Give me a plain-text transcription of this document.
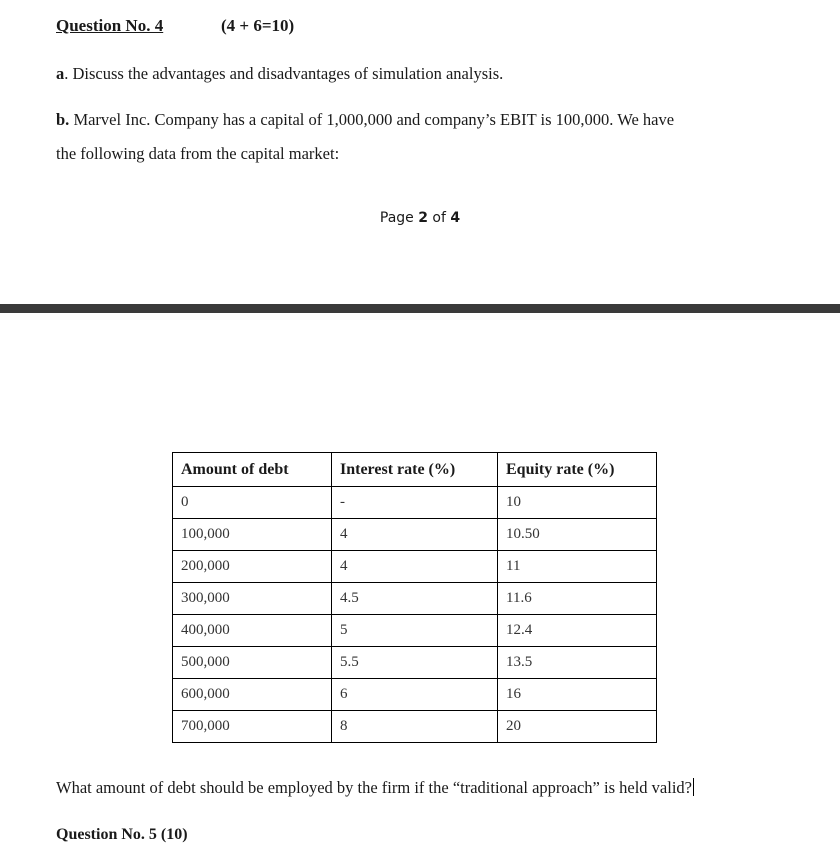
Question No. 4	(4 + 6=10)
a. Discuss the advantages and disadvantages of simulation analysis.
b. Marvel Inc. Company has a capital of 1,000,000 and company’s EBIT is 100,000. We have
the following data from the capital market:
Page 2 of 4
Amount of debt	Interest rate (%)	Equity rate (%)
0	-	10
100,000	4	10.50
200,000	4	11
300,000	4.5	11.6
400,000	5	12.4
500,000	5.5	13.5
600,000	6	16
700,000	8	20
What amount of debt should be employed by the firm if the “traditional approach” is held valid?
Question No. 5 (10)
